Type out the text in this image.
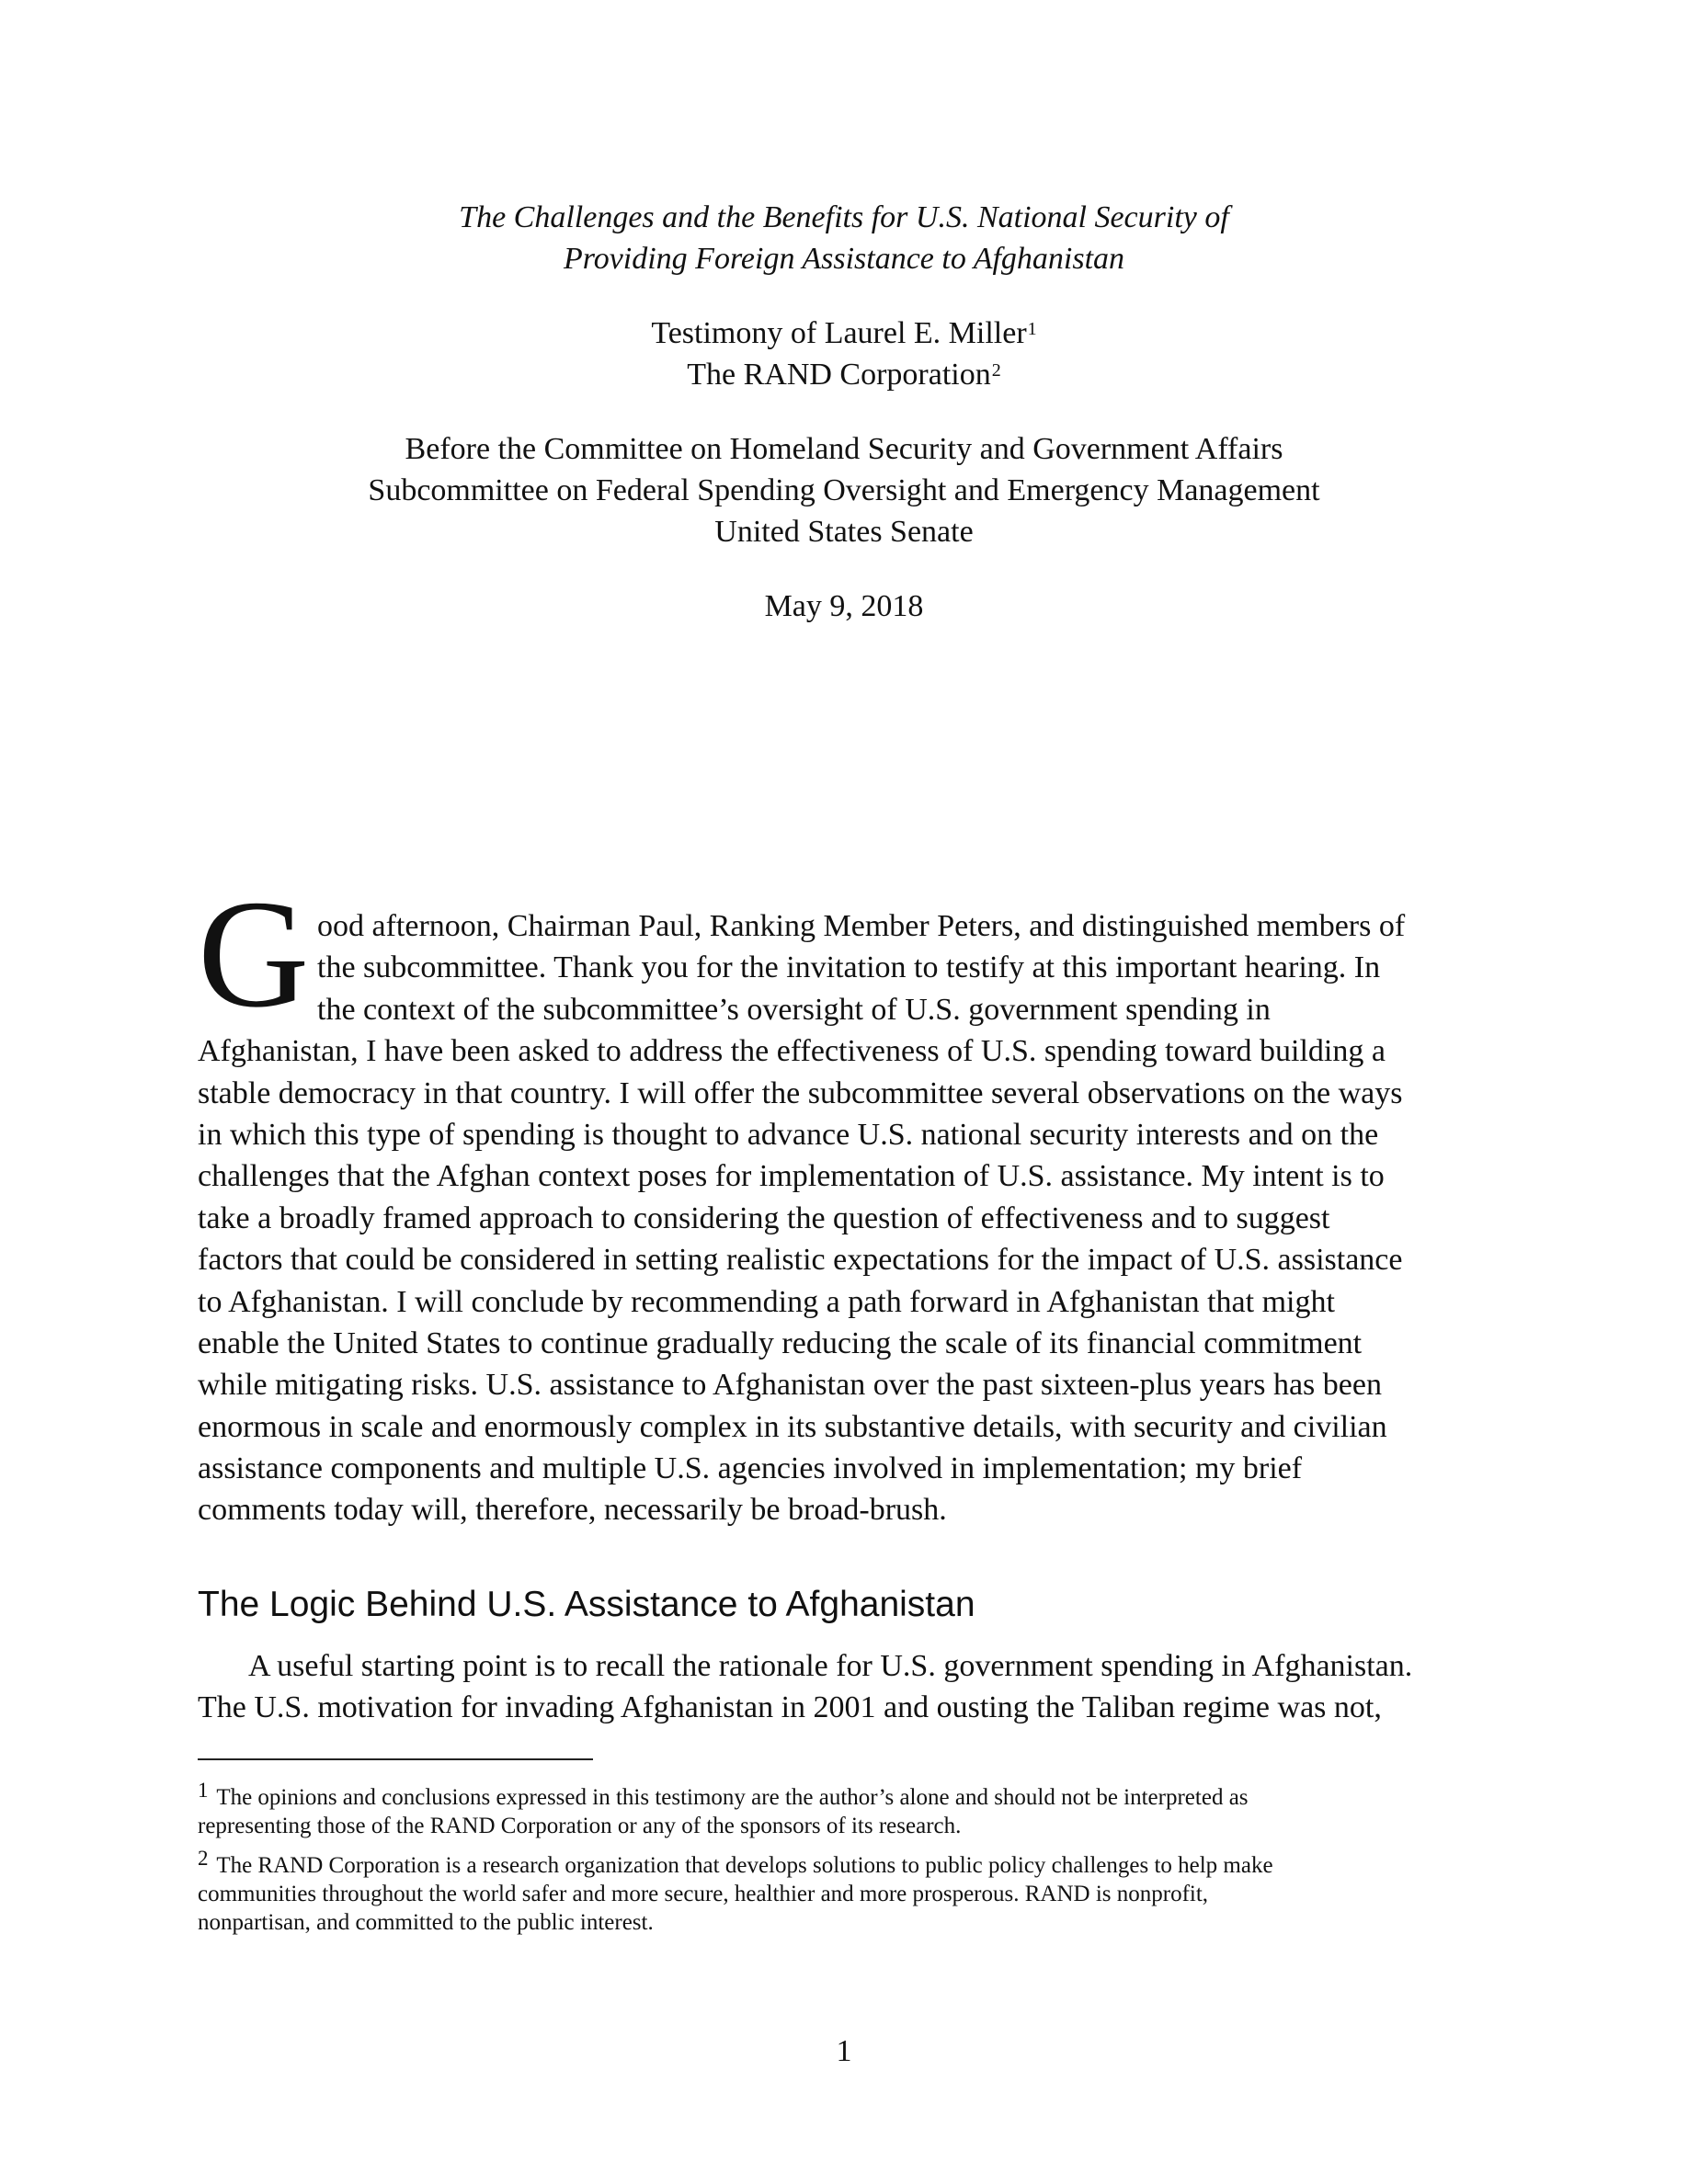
The Challenges and the Benefits for U.S. National Security of
Providing Foreign Assistance to Afghanistan
Testimony of Laurel E. Miller$^1$
The RAND Corporation$^2$
Before the Committee on Homeland Security and Government Affairs
Subcommittee on Federal Spending Oversight and Emergency Management
United States Senate
May 9, 2018
G ood afternoon, Chairman Paul, Ranking Member Peters, and distinguished members of
the subcommittee. Thank you for the invitation to testify at this important hearing. In
the context of the subcommittee’s oversight of U.S. government spending in
Afghanistan, I have been asked to address the effectiveness of U.S. spending toward building a
stable democracy in that country. I will offer the subcommittee several observations on the ways
in which this type of spending is thought to advance U.S. national security interests and on the
challenges that the Afghan context poses for implementation of U.S. assistance. My intent is to
take a broadly framed approach to considering the question of effectiveness and to suggest
factors that could be considered in setting realistic expectations for the impact of U.S. assistance
to Afghanistan. I will conclude by recommending a path forward in Afghanistan that might
enable the United States to continue gradually reducing the scale of its financial commitment
while mitigating risks. U.S. assistance to Afghanistan over the past sixteen-plus years has been
enormous in scale and enormously complex in its substantive details, with security and civilian
assistance components and multiple U.S. agencies involved in implementation; my brief
comments today will, therefore, necessarily be broad-brush.
The Logic Behind U.S. Assistance to Afghanistan
A useful starting point is to recall the rationale for U.S. government spending in Afghanistan.
The U.S. motivation for invading Afghanistan in 2001 and ousting the Taliban regime was not,
1 The opinions and conclusions expressed in this testimony are the author’s alone and should not be interpreted as
representing those of the RAND Corporation or any of the sponsors of its research.
2 The RAND Corporation is a research organization that develops solutions to public policy challenges to help make
communities throughout the world safer and more secure, healthier and more prosperous. RAND is nonprofit,
nonpartisan, and committed to the public interest.
1
